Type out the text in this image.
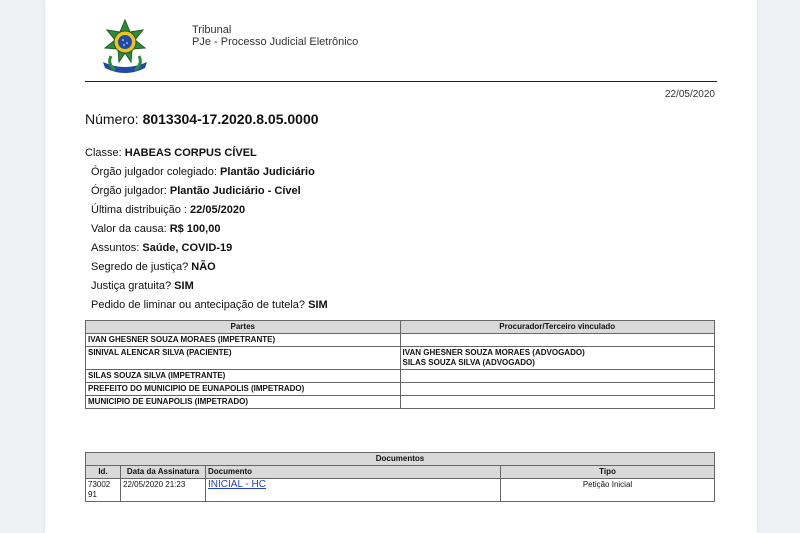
Tribunal
PJe - Processo Judicial Eletrônico
22/05/2020
Número: 8013304-17.2020.8.05.0000
Classe: HABEAS CORPUS CÍVEL
Órgão julgador colegiado: Plantão Judiciário
Órgão julgador: Plantão Judiciário - Cível
Última distribuição : 22/05/2020
Valor da causa: R$ 100,00
Assuntos: Saúde, COVID-19
Segredo de justiça? NÃO
Justiça gratuita? SIM
Pedido de liminar ou antecipação de tutela? SIM
Partes	Procurador/Terceiro vinculado
IVAN GHESNER SOUZA MORAES (IMPETRANTE)	
SINIVAL ALENCAR SILVA (PACIENTE)	IVAN GHESNER SOUZA MORAES (ADVOGADO)
SILAS SOUZA SILVA (ADVOGADO)

SILAS SOUZA SILVA (IMPETRANTE)	
PREFEITO DO MUNICIPIO DE EUNAPOLIS (IMPETRADO)	
MUNICIPIO DE EUNAPOLIS (IMPETRADO)	
Documentos			
Id.	Data da Assinatura	Documento	Tipo
73002 91	22/05/2020 21:23	INICIAL - HC	Petição Inicial
